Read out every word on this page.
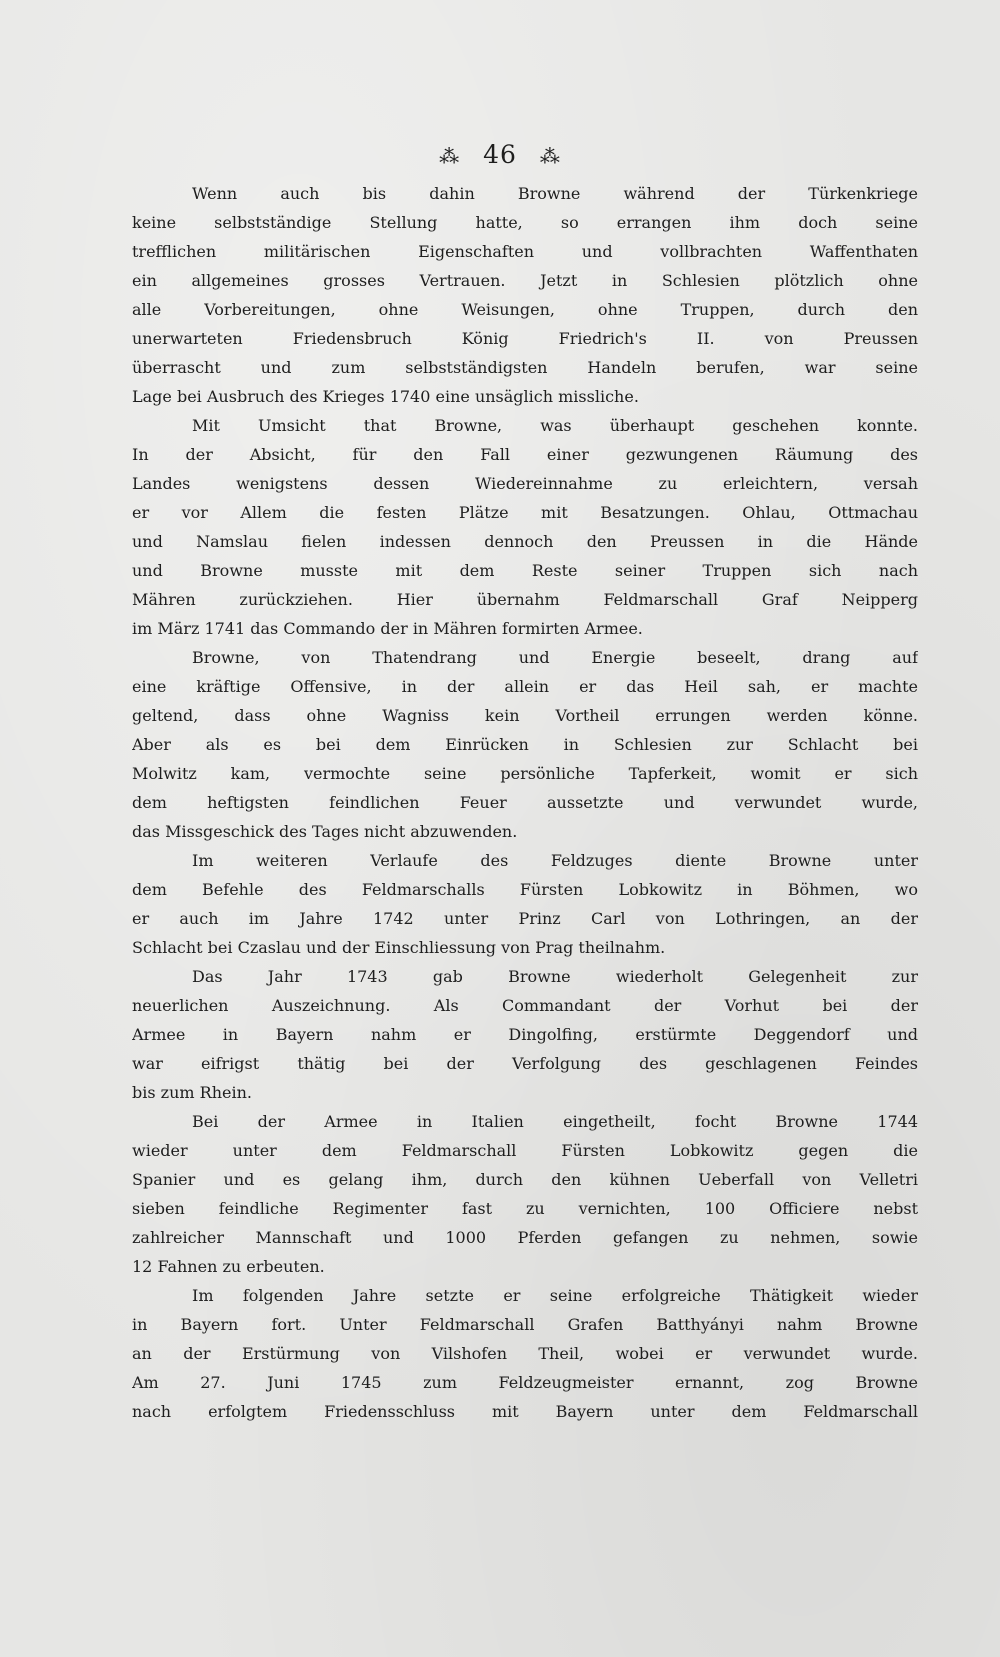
⁂ 46 ⁂
Wenn auch bis dahin Browne während der Türkenkriege
keine selbstständige Stellung hatte, so errangen ihm doch seine
trefflichen militärischen Eigenschaften und vollbrachten Waffenthaten
ein allgemeines grosses Vertrauen. Jetzt in Schlesien plötzlich ohne
alle Vorbereitungen, ohne Weisungen, ohne Truppen, durch den
unerwarteten Friedensbruch König Friedrich's II. von Preussen
überrascht und zum selbstständigsten Handeln berufen, war seine
Lage bei Ausbruch des Krieges 1740 eine unsäglich missliche.
Mit Umsicht that Browne, was überhaupt geschehen konnte.
In der Absicht, für den Fall einer gezwungenen Räumung des
Landes wenigstens dessen Wiedereinnahme zu erleichtern, versah
er vor Allem die festen Plätze mit Besatzungen. Ohlau, Ottmachau
und Namslau fielen indessen dennoch den Preussen in die Hände
und Browne musste mit dem Reste seiner Truppen sich nach
Mähren zurückziehen. Hier übernahm Feldmarschall Graf Neipperg
im März 1741 das Commando der in Mähren formirten Armee.
Browne, von Thatendrang und Energie beseelt, drang auf
eine kräftige Offensive, in der allein er das Heil sah, er machte
geltend, dass ohne Wagniss kein Vortheil errungen werden könne.
Aber als es bei dem Einrücken in Schlesien zur Schlacht bei
Molwitz kam, vermochte seine persönliche Tapferkeit, womit er sich
dem heftigsten feindlichen Feuer aussetzte und verwundet wurde,
das Missgeschick des Tages nicht abzuwenden.
Im weiteren Verlaufe des Feldzuges diente Browne unter
dem Befehle des Feldmarschalls Fürsten Lobkowitz in Böhmen, wo
er auch im Jahre 1742 unter Prinz Carl von Lothringen, an der
Schlacht bei Czaslau und der Einschliessung von Prag theilnahm.
Das Jahr 1743 gab Browne wiederholt Gelegenheit zur
neuerlichen Auszeichnung. Als Commandant der Vorhut bei der
Armee in Bayern nahm er Dingolfing, erstürmte Deggendorf und
war eifrigst thätig bei der Verfolgung des geschlagenen Feindes
bis zum Rhein.
Bei der Armee in Italien eingetheilt, focht Browne 1744
wieder unter dem Feldmarschall Fürsten Lobkowitz gegen die
Spanier und es gelang ihm, durch den kühnen Ueberfall von Velletri
sieben feindliche Regimenter fast zu vernichten, 100 Officiere nebst
zahlreicher Mannschaft und 1000 Pferden gefangen zu nehmen, sowie
12 Fahnen zu erbeuten.
Im folgenden Jahre setzte er seine erfolgreiche Thätigkeit wieder
in Bayern fort. Unter Feldmarschall Grafen Batthyányi nahm Browne
an der Erstürmung von Vilshofen Theil, wobei er verwundet wurde.
Am 27. Juni 1745 zum Feldzeugmeister ernannt, zog Browne
nach erfolgtem Friedensschluss mit Bayern unter dem Feldmarschall
